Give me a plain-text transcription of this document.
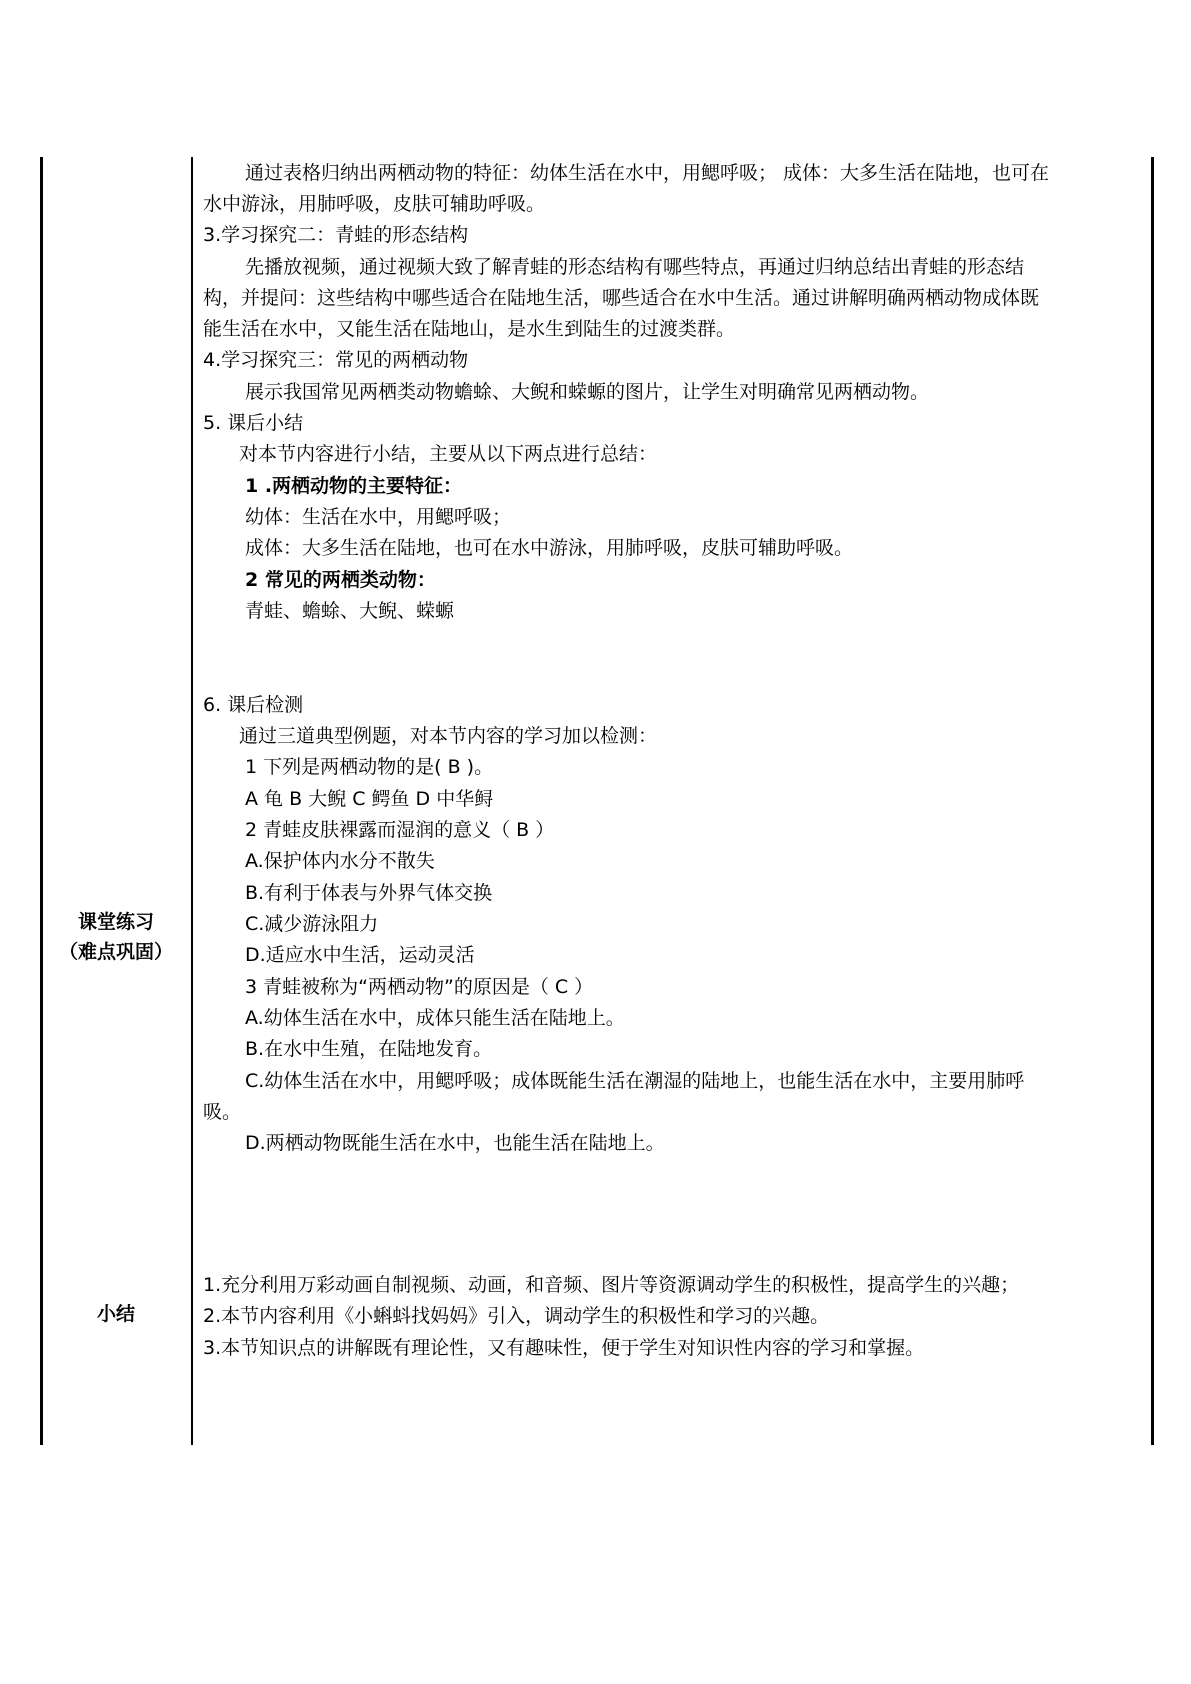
课堂练习
（难点巩固）
小结
通过表格归纳出两栖动物的特征：幼体生活在水中，用鳃呼吸； 成体：大多生活在陆地，也可在
水中游泳，用肺呼吸，皮肤可辅助呼吸。
3.学习探究二：青蛙的形态结构
先播放视频，通过视频大致了解青蛙的形态结构有哪些特点，再通过归纳总结出青蛙的形态结
构，并提问：这些结构中哪些适合在陆地生活，哪些适合在水中生活。通过讲解明确两栖动物成体既
能生活在水中，又能生活在陆地山，是水生到陆生的过渡类群。
4.学习探究三：常见的两栖动物
展示我国常见两栖类动物蟾蜍、大鲵和蝾螈的图片，让学生对明确常见两栖动物。
5. 课后小结
对本节内容进行小结，主要从以下两点进行总结：
1 .两栖动物的主要特征：
幼体：生活在水中，用鳃呼吸；
成体：大多生活在陆地，也可在水中游泳，用肺呼吸，皮肤可辅助呼吸。
2 常见的两栖类动物：
青蛙、蟾蜍、大鲵、蝾螈
6. 课后检测
通过三道典型例题，对本节内容的学习加以检测：
1 下列是两栖动物的是( B )。
A 龟 B 大鲵 C 鳄鱼 D 中华鲟
2 青蛙皮肤裸露而湿润的意义（ B ）
A.保护体内水分不散失
B.有利于体表与外界气体交换
C.减少游泳阻力
D.适应水中生活，运动灵活
3 青蛙被称为“两栖动物”的原因是（ C ）
A.幼体生活在水中，成体只能生活在陆地上。
B.在水中生殖，在陆地发育。
C.幼体生活在水中，用鳃呼吸；成体既能生活在潮湿的陆地上，也能生活在水中，主要用肺呼
吸。
D.两栖动物既能生活在水中，也能生活在陆地上。
1.充分利用万彩动画自制视频、动画，和音频、图片等资源调动学生的积极性，提高学生的兴趣；
2.本节内容利用《小蝌蚪找妈妈》引入，调动学生的积极性和学习的兴趣。
3.本节知识点的讲解既有理论性，又有趣味性，便于学生对知识性内容的学习和掌握。
